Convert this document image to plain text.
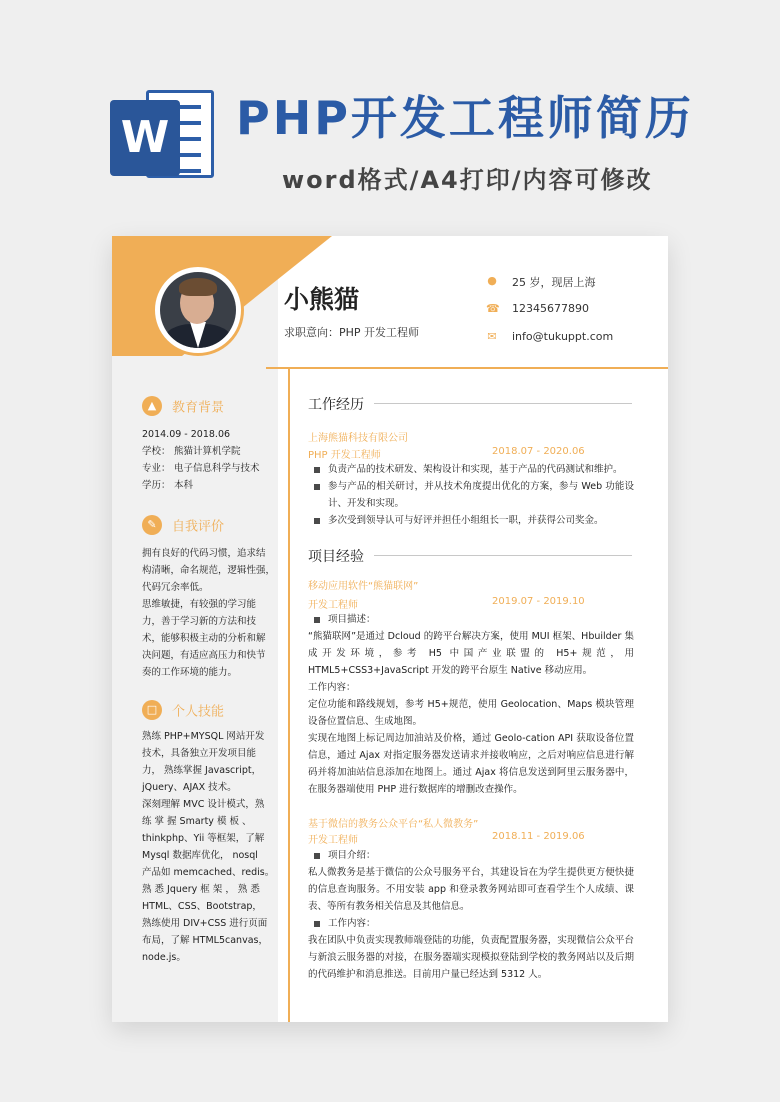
W PHP开发工程师简历
word格式/A4打印/内容可修改
小熊猫
求职意向：PHP 开发工程师
● 25 岁，现居上海
☎ 12345677890
✉ info@tukuppt.com
▲ 教育背景

2014.09 - 2018.06

学校： 熊猫计算机学院

专业： 电子信息科学与技术

学历： 本科

✎ 自我评价

拥有良好的代码习惯，追求结

构清晰，命名规范，逻辑性强，

代码冗余率低。

思维敏捷，有较强的学习能

力，善于学习新的方法和技

术，能够积极主动的分析和解

决问题，有适应高压力和快节

奏的工作环境的能力。

□ 个人技能

熟练 PHP+MYSQL 网站开发

技术，具备独立开发项目能

力， 熟练掌握 Javascript，

jQuery、AJAX 技术。

深刻理解 MVC 设计模式，熟

练 掌 握 Smarty 模 板 、

thinkphp、Yii 等框架，了解

Mysql 数据库优化， nosql

产品如 memcached、redis。

熟 悉 Jquery 框 架 ， 熟 悉

HTML、CSS、Bootstrap，

熟练使用 DIV+CSS 进行页面

布局，了解 HTML5canvas，

node.js。

工作经历
上海熊猫科技有限公司
PHP 开发工程师	2018.07 - 2020.06

负责产品的技术研发、架构设计和实现，基于产品的代码测试和维护。

参与产品的相关研讨，并从技术角度提出优化的方案，参与 Web 功能设计、开发和实现。

多次受到领导认可与好评并担任小组组长一职，并获得公司奖金。

项目经验
移动应用软件“熊猫联网”
开发工程师	2019.07 - 2019.10

项目描述：

“熊猫联网”是通过 Dcloud 的跨平台解决方案，使用 MUI 框架、Hbuilder 集成开发环境，参考 H5 中国产业联盟的 H5+规范，用 HTML5+CSS3+JavaScript 开发的跨平台原生 Native 移动应用。

工作内容：

定位功能和路线规划，参考 H5+规范，使用 Geolocation、Maps 模块管理设备位置信息、生成地图。

实现在地图上标记周边加油站及价格，通过 Geolo-cation API 获取设备位置信息，通过 Ajax 对指定服务器发送请求并接收响应，之后对响应信息进行解码并将加油站信息添加在地图上。通过 Ajax 将信息发送到阿里云服务器中，在服务器端使用 PHP 进行数据库的增删改查操作。

基于微信的教务公众平台“私人微教务”
开发工程师	2018.11 - 2019.06

项目介绍：

私人微教务是基于微信的公众号服务平台，其建设旨在为学生提供更方便快捷的信息查询服务。不用安装 app 和登录教务网站即可查看学生个人成绩、课表、等所有教务相关信息及其他信息。

工作内容：

我在团队中负责实现教师端登陆的功能，负责配置服务器，实现微信公众平台与新浪云服务器的对接，在服务器端实现模拟登陆到学校的教务网站以及后期的代码维护和消息推送。目前用户量已经达到 5312 人。
